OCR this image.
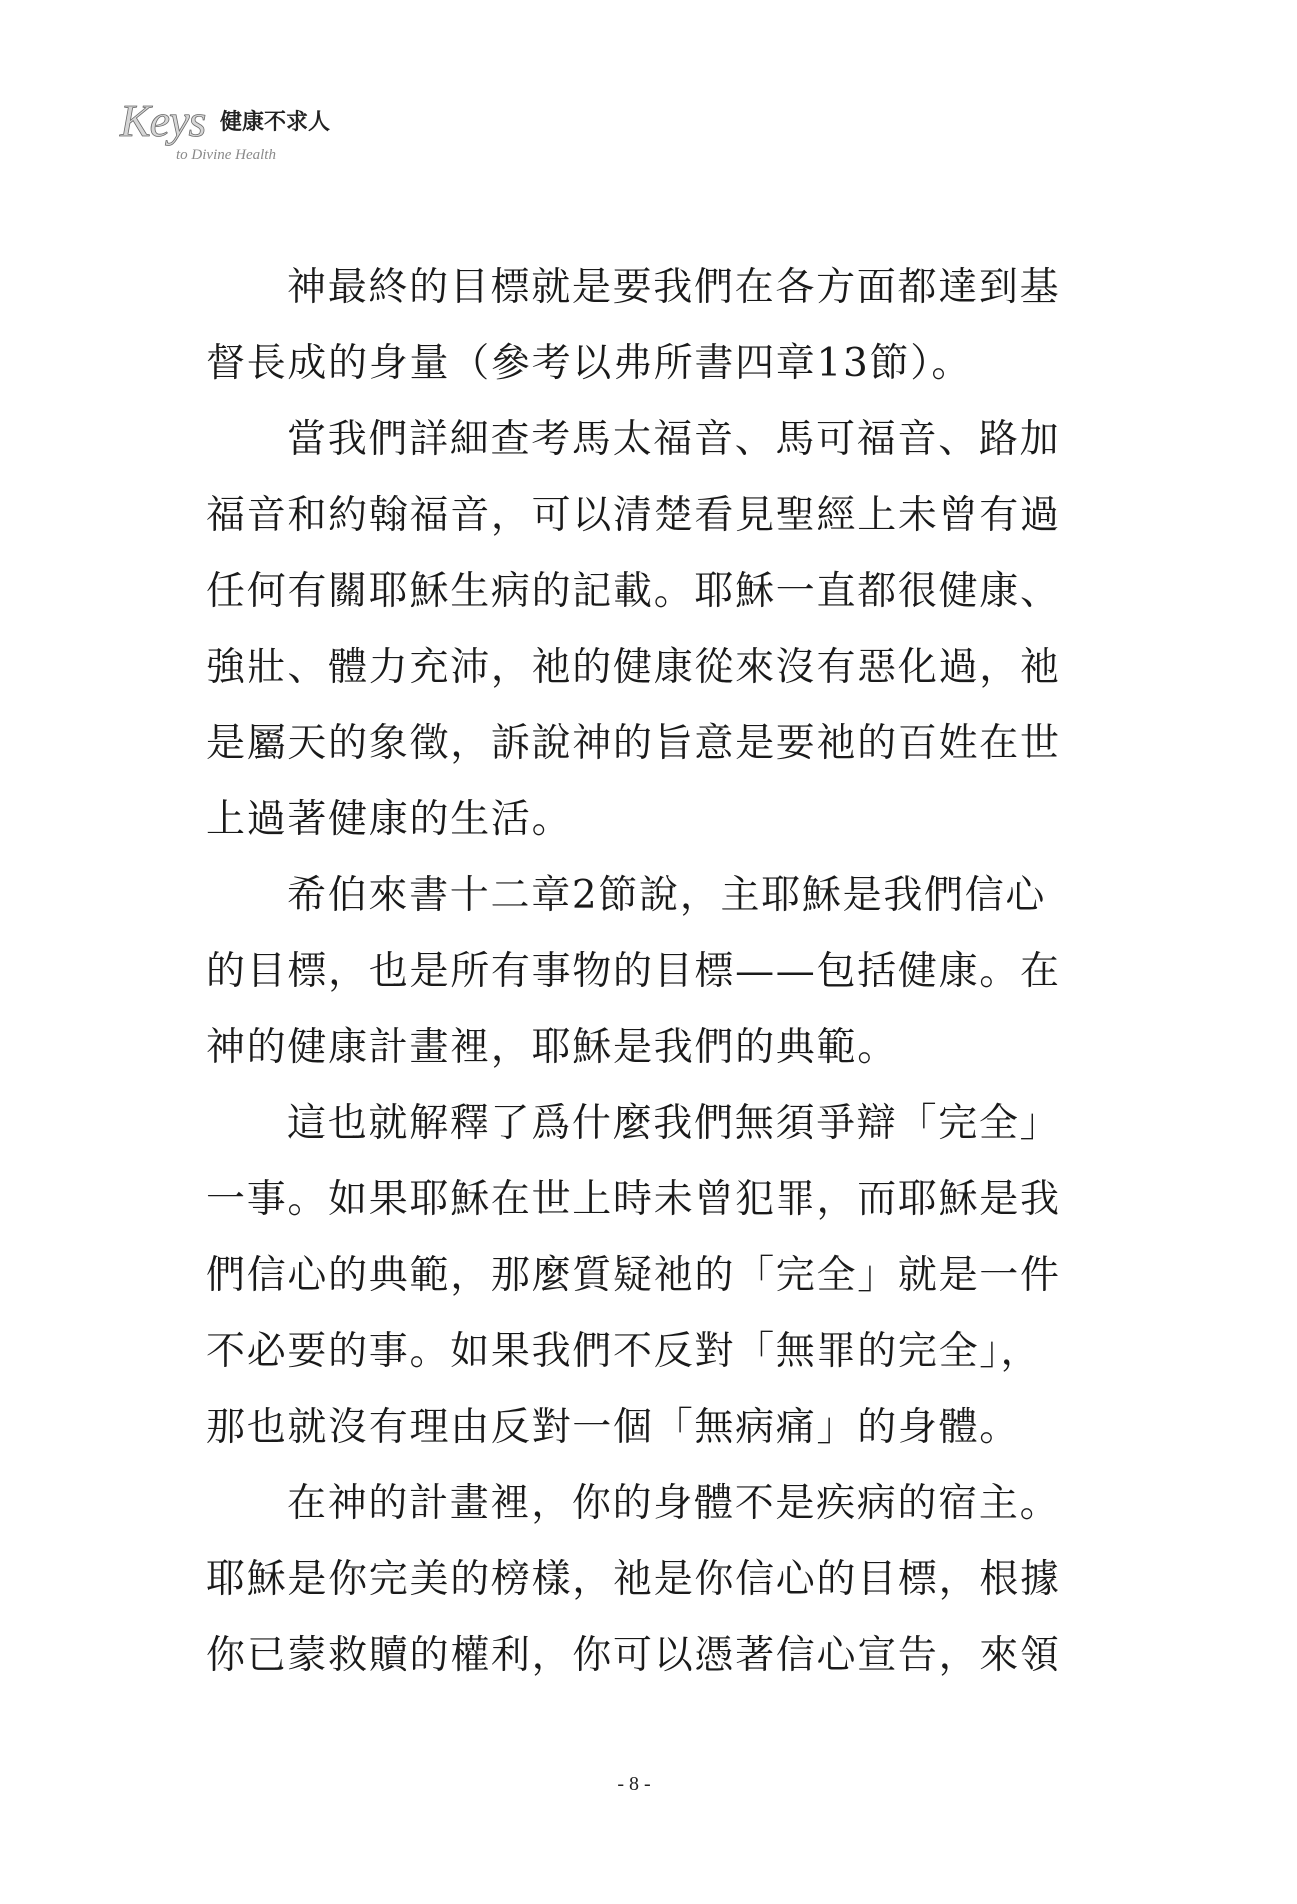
Keys 健康不求人
to Divine Health
神最終的目標就是要我們在各方面都達到基
督長成的身量（參考以弗所書四章13節）。
當我們詳細查考馬太福音、馬可福音、路加
福音和約翰福音，可以清楚看見聖經上未曾有過
任何有關耶穌生病的記載。耶穌一直都很健康、
強壯、體力充沛，祂的健康從來沒有惡化過，祂
是屬天的象徵，訴說神的旨意是要祂的百姓在世
上過著健康的生活。
希伯來書十二章2節說，主耶穌是我們信心
的目標，也是所有事物的目標——包括健康。在
神的健康計畫裡，耶穌是我們的典範。
這也就解釋了爲什麼我們無須爭辯「完全」
一事。如果耶穌在世上時未曾犯罪，而耶穌是我
們信心的典範，那麼質疑祂的「完全」就是一件
不必要的事。如果我們不反對「無罪的完全」，
那也就沒有理由反對一個「無病痛」的身體。
在神的計畫裡，你的身體不是疾病的宿主。
耶穌是你完美的榜樣，祂是你信心的目標，根據
你已蒙救贖的權利，你可以憑著信心宣告，來領
- 8 -
